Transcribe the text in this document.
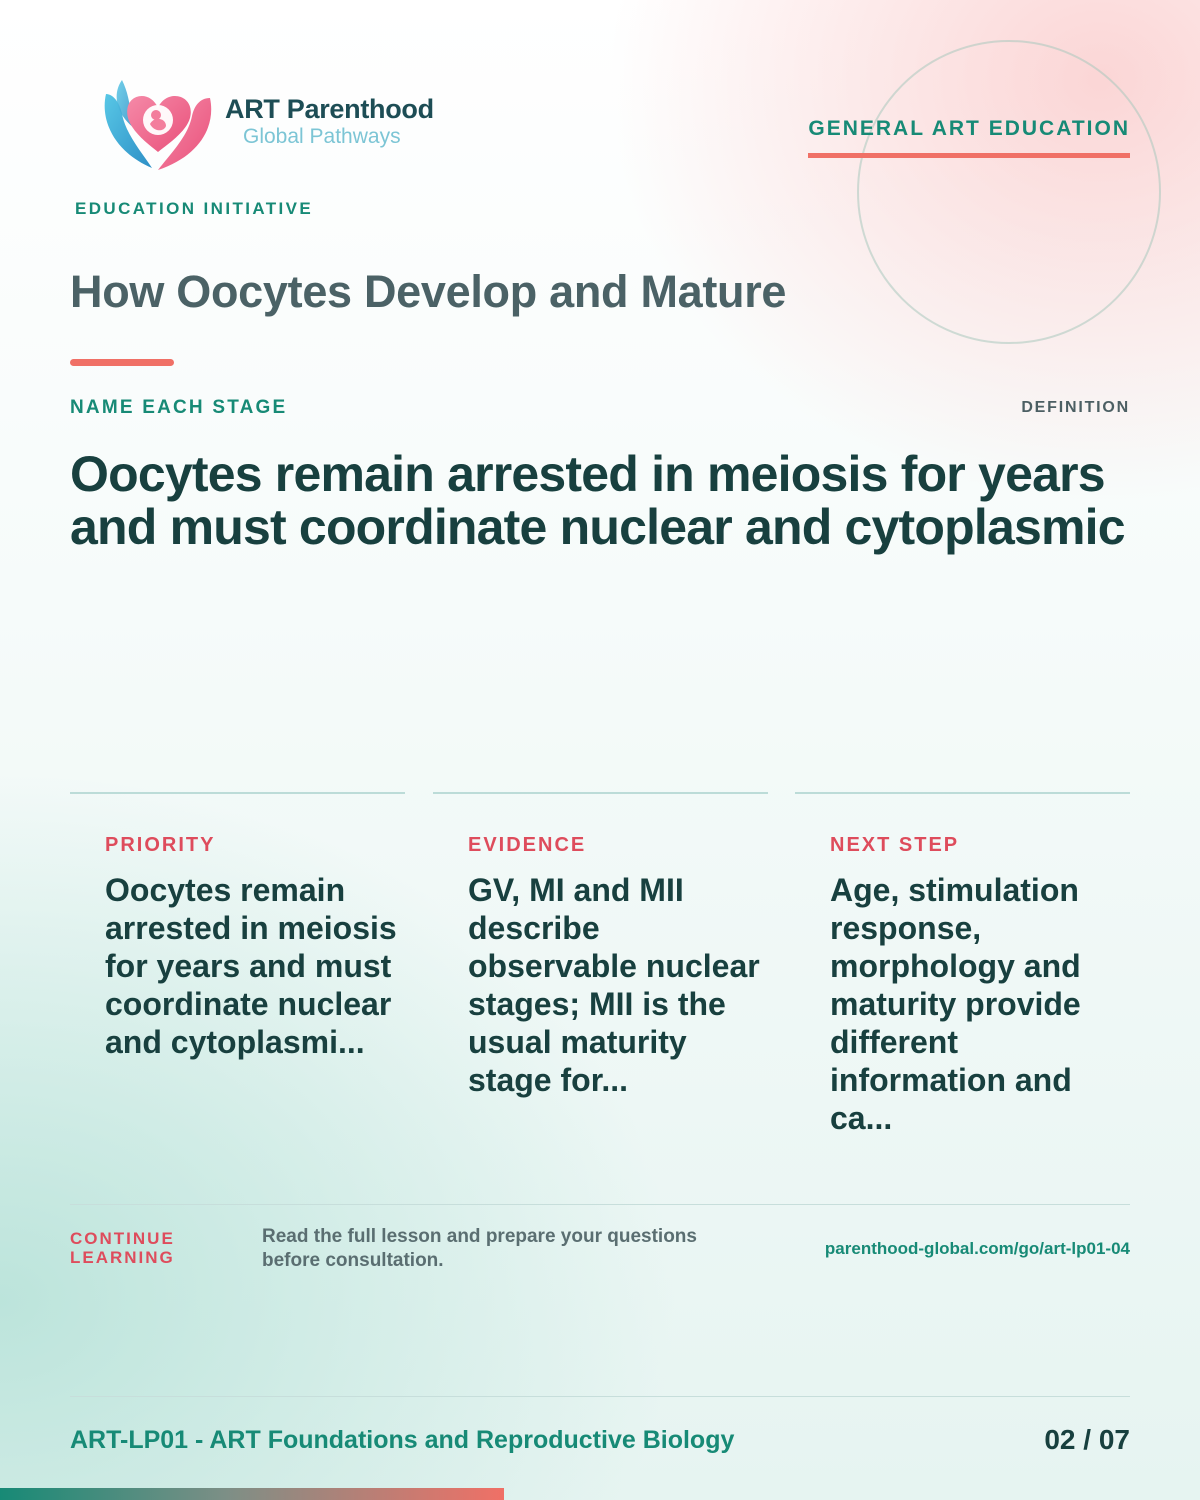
ART Parenthood
Global Pathways
EDUCATION INITIATIVE
GENERAL ART EDUCATION
How Oocytes Develop and Mature
NAME EACH STAGE	DEFINITION
Oocytes remain arrested in meiosis for years and must coordinate nuclear and cytoplasmic
PRIORITY
Oocytes remain arrested in meiosis for years and must coordinate nuclear and cytoplasmi...
EVIDENCE
GV, MI and MII describe observable nuclear stages; MII is the usual maturity stage for...
NEXT STEP
Age, stimulation response, morphology and maturity provide different information and ca...
CONTINUE
LEARNING
Read the full lesson and prepare your questions before consultation.
parenthood-global.com/go/art-lp01-04
ART-LP01 - ART Foundations and Reproductive Biology	02 / 07
